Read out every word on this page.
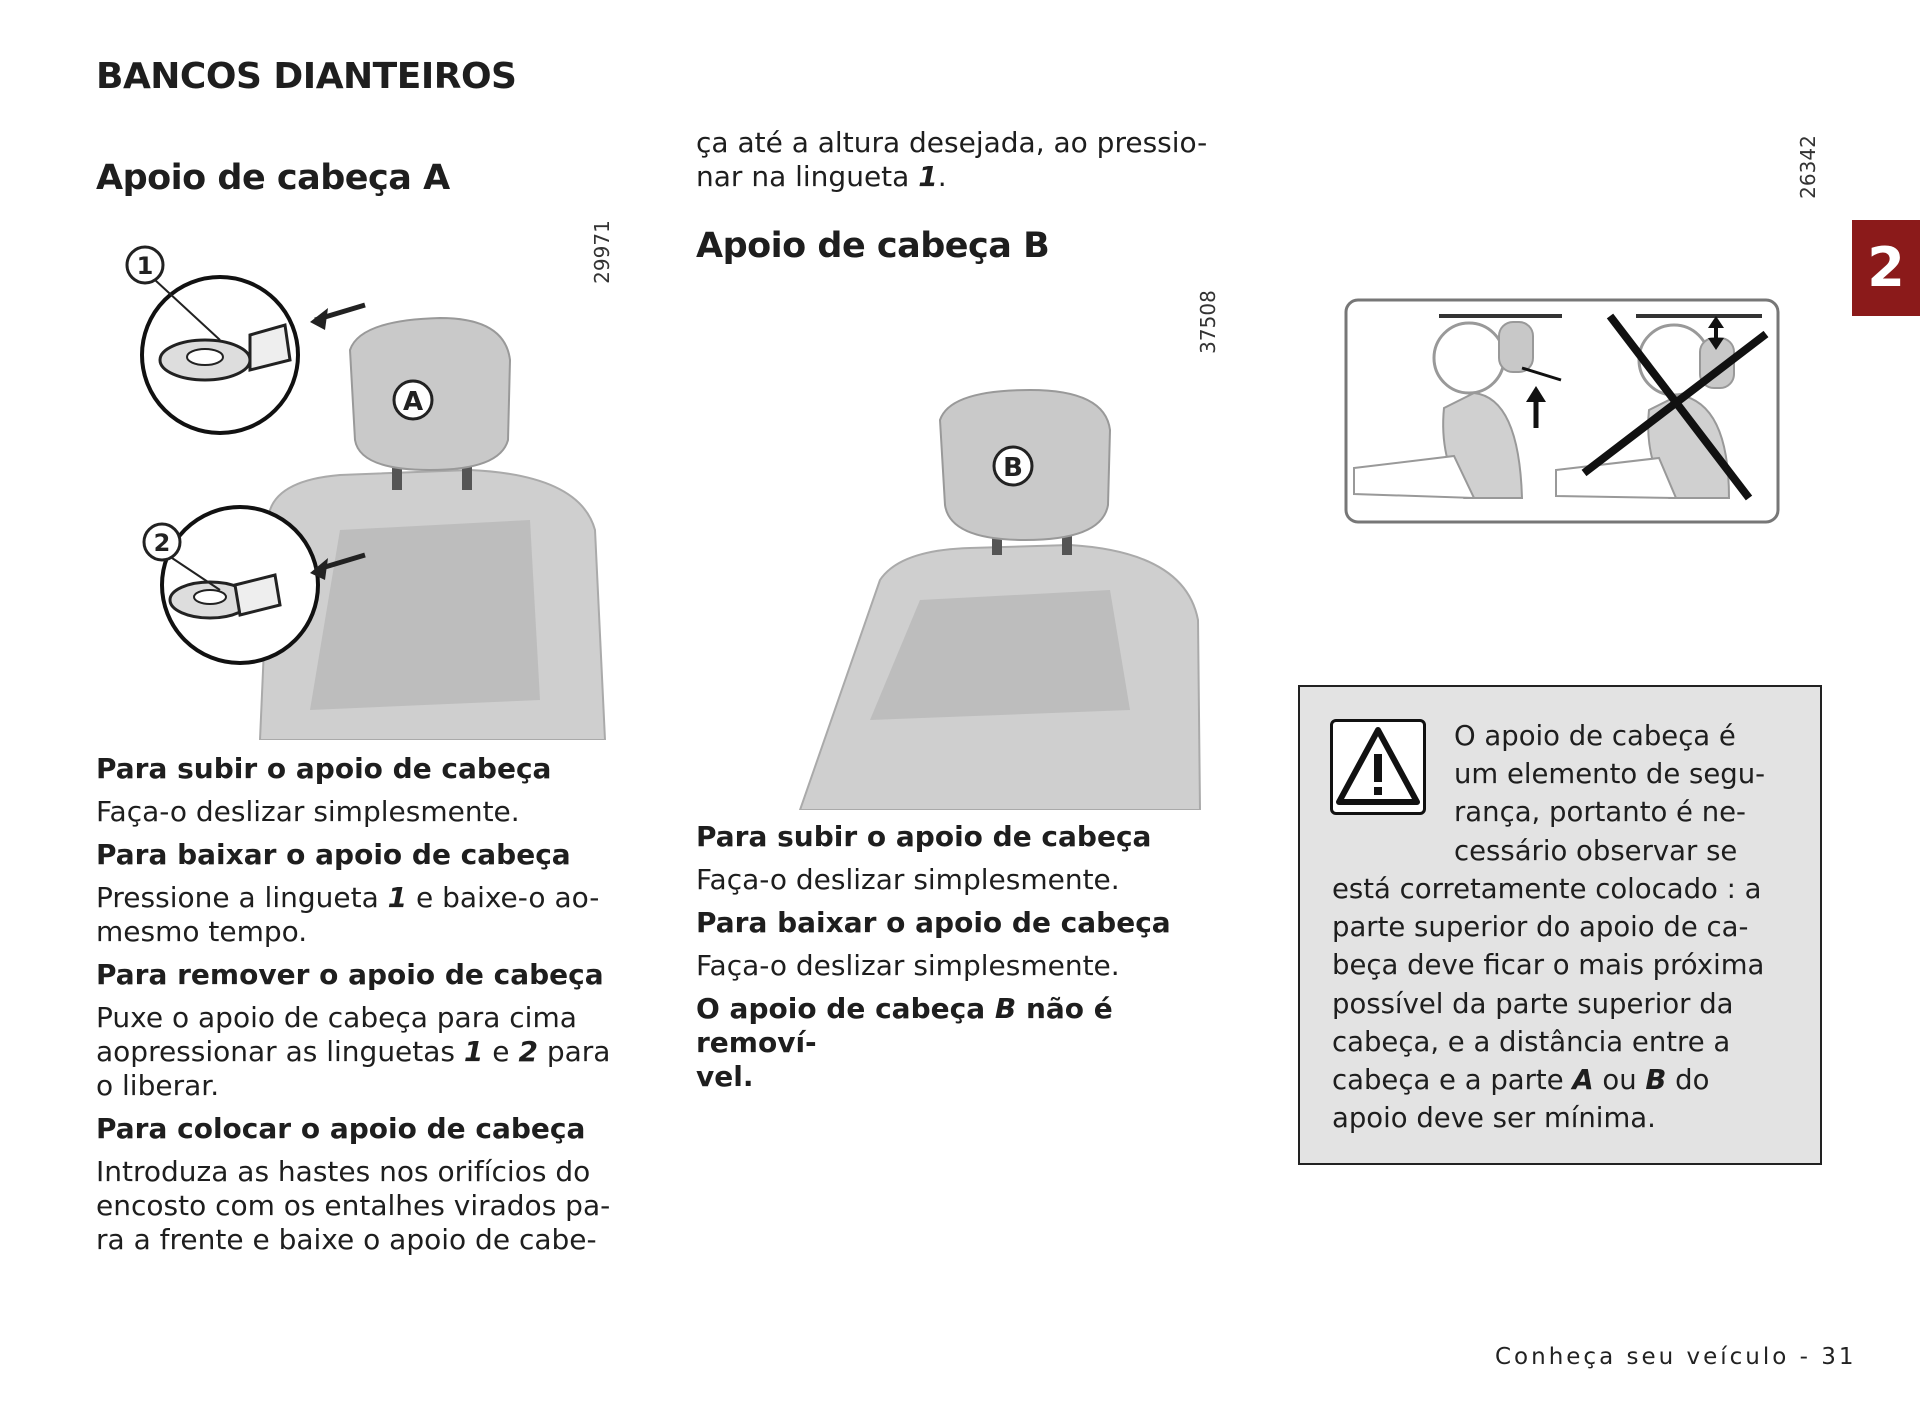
BANCOS DIANTEIROS
2
Apoio de cabeça A
29971
A
1
2
Para subir o apoio de cabeça
Faça-o deslizar simplesmente.
Para baixar o apoio de cabeça
Pressione a lingueta 1 e baixe-o ao-
mesmo tempo.
Para remover o apoio de cabeça
Puxe o apoio de cabeça para cima
aopressionar as linguetas 1 e 2 para
o liberar.
Para colocar o apoio de cabeça
Introduza as hastes nos orifícios do
encosto com os entalhes virados pa-
ra a frente e baixe o apoio de cabe-
ça até a altura desejada, ao pressio-
nar na lingueta 1.
Apoio de cabeça B
37508
B
Para subir o apoio de cabeça
Faça-o deslizar simplesmente.
Para baixar o apoio de cabeça
Faça-o deslizar simplesmente.
O apoio de cabeça B não é removí-
vel.
26342
O apoio de cabeça é
um elemento de segu-
rança, portanto é ne-
cessário observar se
está corretamente colocado : a
parte superior do apoio de ca-
beça deve ficar o mais próxima
possível da parte superior da
cabeça, e a distância entre a
cabeça e a parte A ou B do
apoio deve ser mínima.
Conheça seu veículo - 31
